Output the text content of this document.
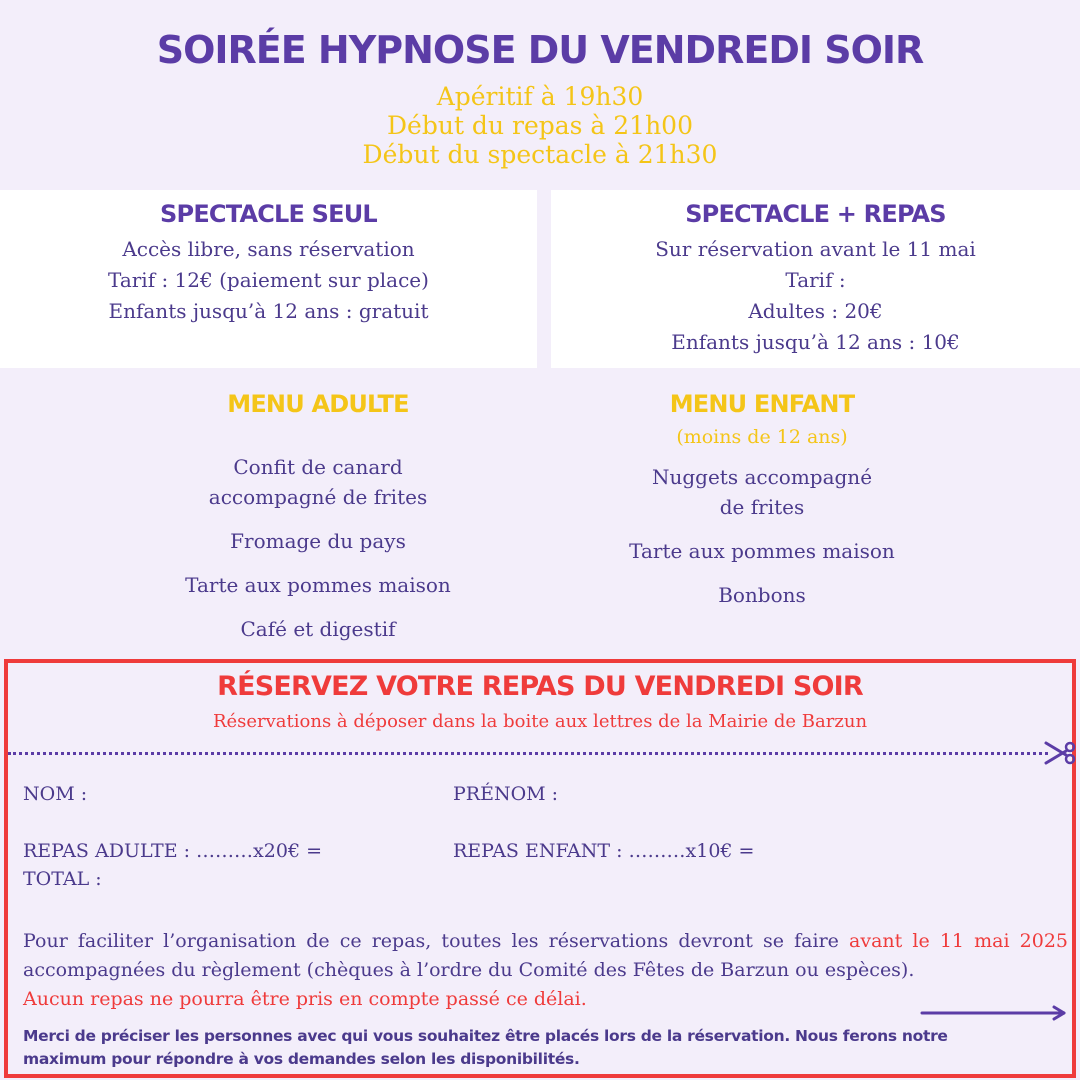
SOIRÉE HYPNOSE DU VENDREDI SOIR
Apéritif à 19h30
Début du repas à 21h00
Début du spectacle à 21h30
SPECTACLE SEUL
Accès libre, sans réservation
Tarif : 12€ (paiement sur place)
Enfants jusqu’à 12 ans : gratuit
SPECTACLE + REPAS
Sur réservation avant le 11 mai
Tarif :
Adultes : 20€
Enfants jusqu’à 12 ans : 10€
MENU ADULTE
Confit de canard accompagné de frites
Fromage du pays
Tarte aux pommes maison
Café et digestif
MENU ENFANT
(moins de 12 ans)
Nuggets accompagné de frites
Tarte aux pommes maison
Bonbons
RÉSERVEZ VOTRE REPAS DU VENDREDI SOIR
Réservations à déposer dans la boite aux lettres de la Mairie de Barzun
NOM :	PRÉNOM :
REPAS ADULTE : ………x20€ =	REPAS ENFANT : ………x10€ =
TOTAL :
Pour faciliter l’organisation de ce repas, toutes les réservations devront se faire avant le 11 mai 2025 accompagnées du règlement (chèques à l’ordre du Comité des Fêtes de Barzun ou espèces).
Aucun repas ne pourra être pris en compte passé ce délai.
Merci de préciser les personnes avec qui vous souhaitez être placés lors de la réservation. Nous ferons notre maximum pour répondre à vos demandes selon les disponibilités.
